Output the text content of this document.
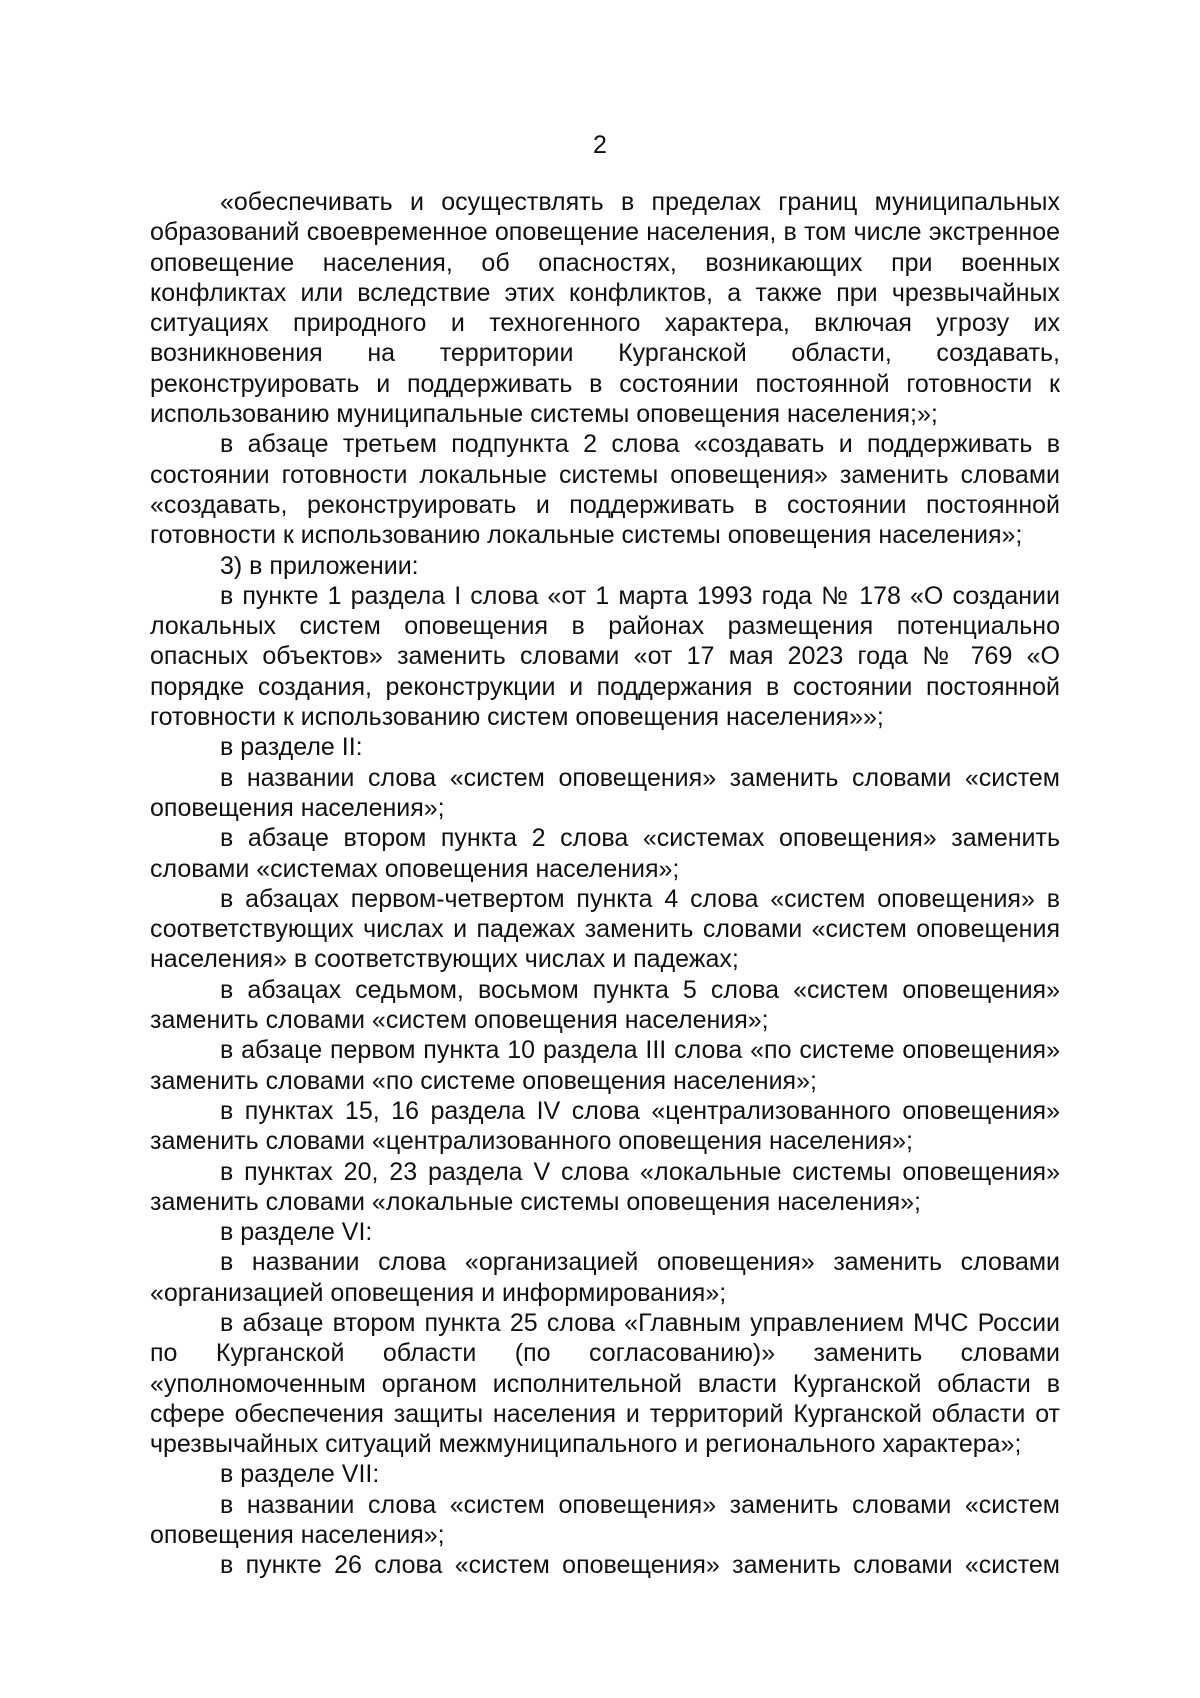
2

«обеспечивать и осуществлять в пределах границ муниципальных образований своевременное оповещение населения, в том числе экстренное оповещение населения, об опасностях, возникающих при военных конфликтах или вследствие этих конфликтов, а также при чрезвычайных ситуациях природного и техногенного характера, включая угрозу их возникновения на территории Курганской области, создавать, реконструировать и поддерживать в состоянии постоянной готовности к использованию муниципальные системы оповещения населения;»;

в абзаце третьем подпункта 2 слова «создавать и поддерживать в состоянии готовности локальные системы оповещения» заменить словами «создавать, реконструировать и поддерживать в состоянии постоянной готовности к использованию локальные системы оповещения населения»;

3) в приложении:

в пункте 1 раздела I слова «от 1 марта 1993 года № 178 «О создании локальных систем оповещения в районах размещения потенциально опасных объектов» заменить словами «от 17 мая 2023 года № 769 «О порядке создания, реконструкции и поддержания в состоянии постоянной готовности к использованию систем оповещения населения»»;

в разделе II:

в названии слова «систем оповещения» заменить словами «систем оповещения населения»;

в абзаце втором пункта 2 слова «системах оповещения» заменить словами «системах оповещения населения»;

в абзацах первом-четвертом пункта 4 слова «систем оповещения» в соответствующих числах и падежах заменить словами «систем оповещения населения» в соответствующих числах и падежах;

в абзацах седьмом, восьмом пункта 5 слова «систем оповещения» заменить словами «систем оповещения населения»;

в абзаце первом пункта 10 раздела III слова «по системе оповещения» заменить словами «по системе оповещения населения»;

в пунктах 15, 16 раздела IV слова «централизованного оповещения» заменить словами «централизованного оповещения населения»;

в пунктах 20, 23 раздела V слова «локальные системы оповещения» заменить словами «локальные системы оповещения населения»;

в разделе VI:

в названии слова «организацией оповещения» заменить словами «организацией оповещения и информирования»;

в абзаце втором пункта 25 слова «Главным управлением МЧС России по Курганской области (по согласованию)» заменить словами «уполномоченным органом исполнительной власти Курганской области в сфере обеспечения защиты населения и территорий Курганской области от чрезвычайных ситуаций межмуниципального и регионального характера»;

в разделе VII:

в названии слова «систем оповещения» заменить словами «систем оповещения населения»;

в пункте 26 слова «систем оповещения» заменить словами «систем
